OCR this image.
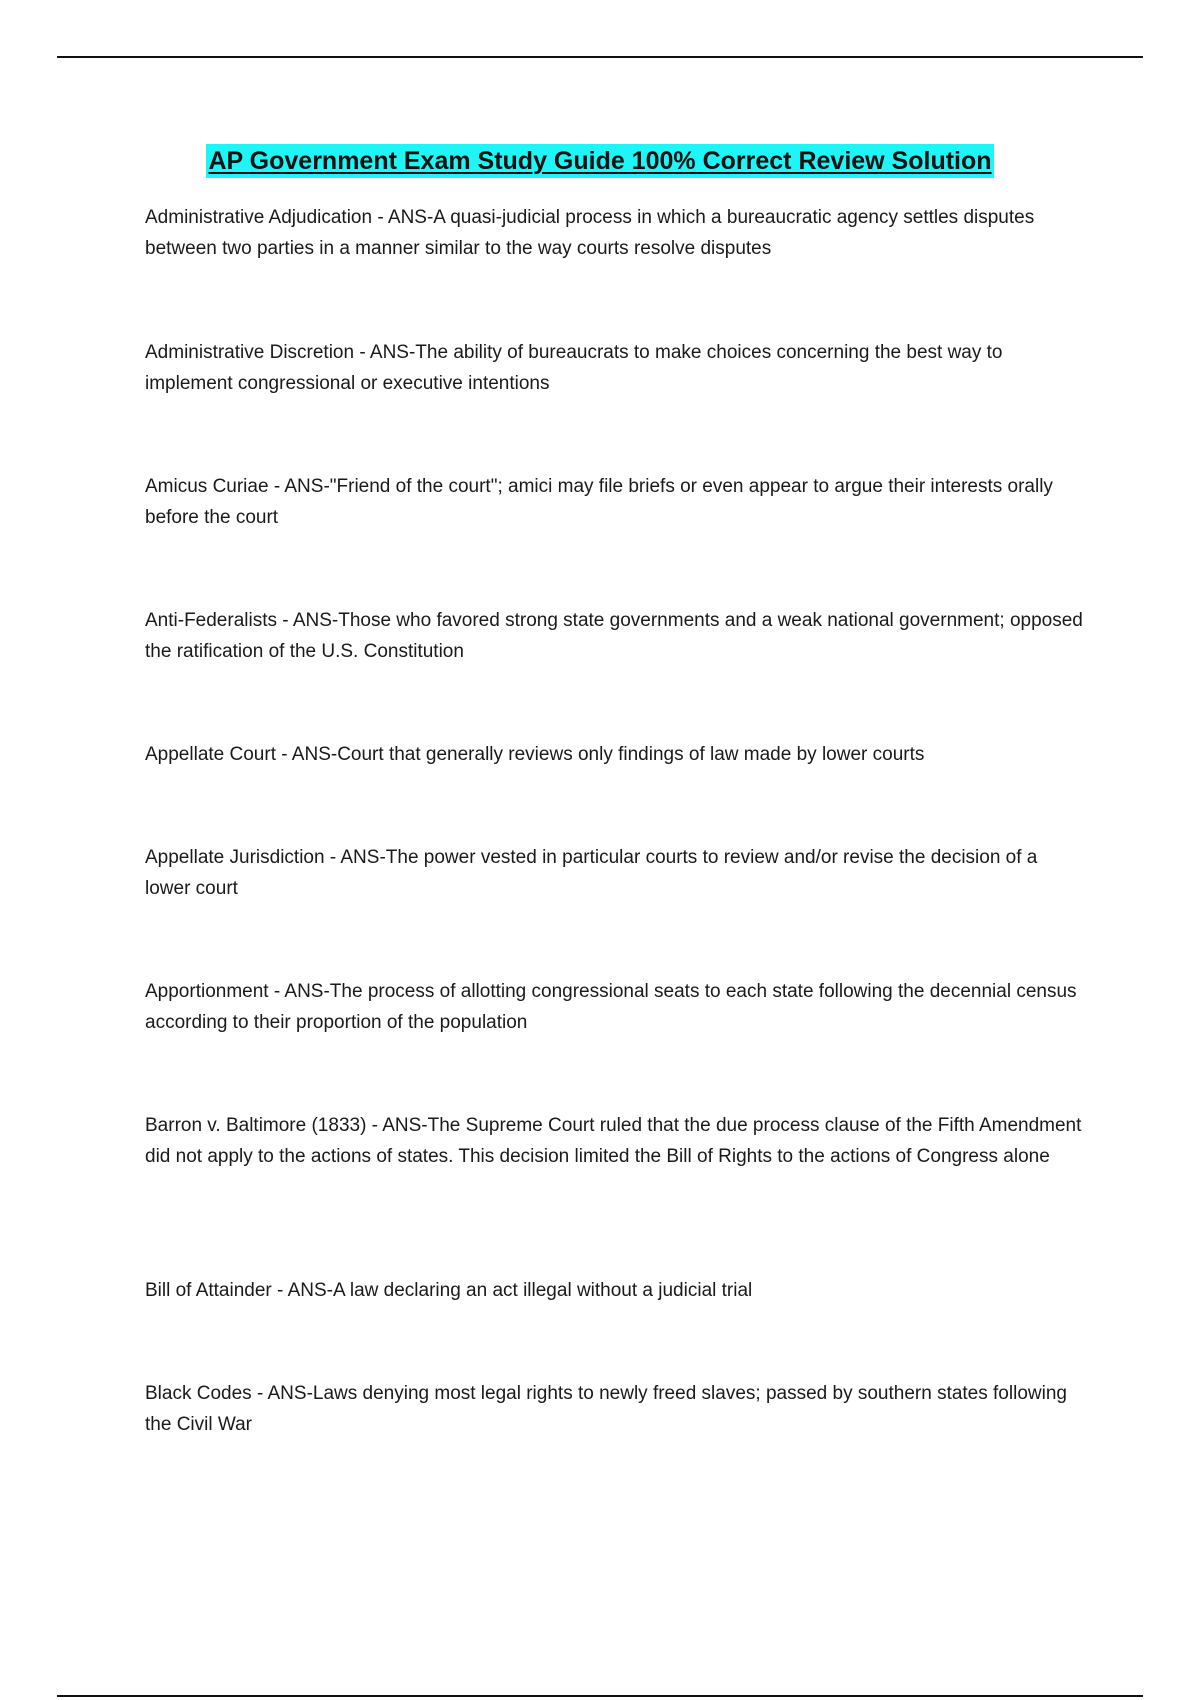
AP Government Exam Study Guide 100% Correct Review Solution
Administrative Adjudication - ANS-A quasi-judicial process in which a bureaucratic agency settles disputes between two parties in a manner similar to the way courts resolve disputes
Administrative Discretion - ANS-The ability of bureaucrats to make choices concerning the best way to implement congressional or executive intentions
Amicus Curiae - ANS-"Friend of the court"; amici may file briefs or even appear to argue their interests orally before the court
Anti-Federalists - ANS-Those who favored strong state governments and a weak national government; opposed the ratification of the U.S. Constitution
Appellate Court - ANS-Court that generally reviews only findings of law made by lower courts
Appellate Jurisdiction - ANS-The power vested in particular courts to review and/or revise the decision of a lower court
Apportionment - ANS-The process of allotting congressional seats to each state following the decennial census according to their proportion of the population
Barron v. Baltimore (1833) - ANS-The Supreme Court ruled that the due process clause of the Fifth Amendment did not apply to the actions of states. This decision limited the Bill of Rights to the actions of Congress alone
Bill of Attainder - ANS-A law declaring an act illegal without a judicial trial
Black Codes - ANS-Laws denying most legal rights to newly freed slaves; passed by southern states following the Civil War
